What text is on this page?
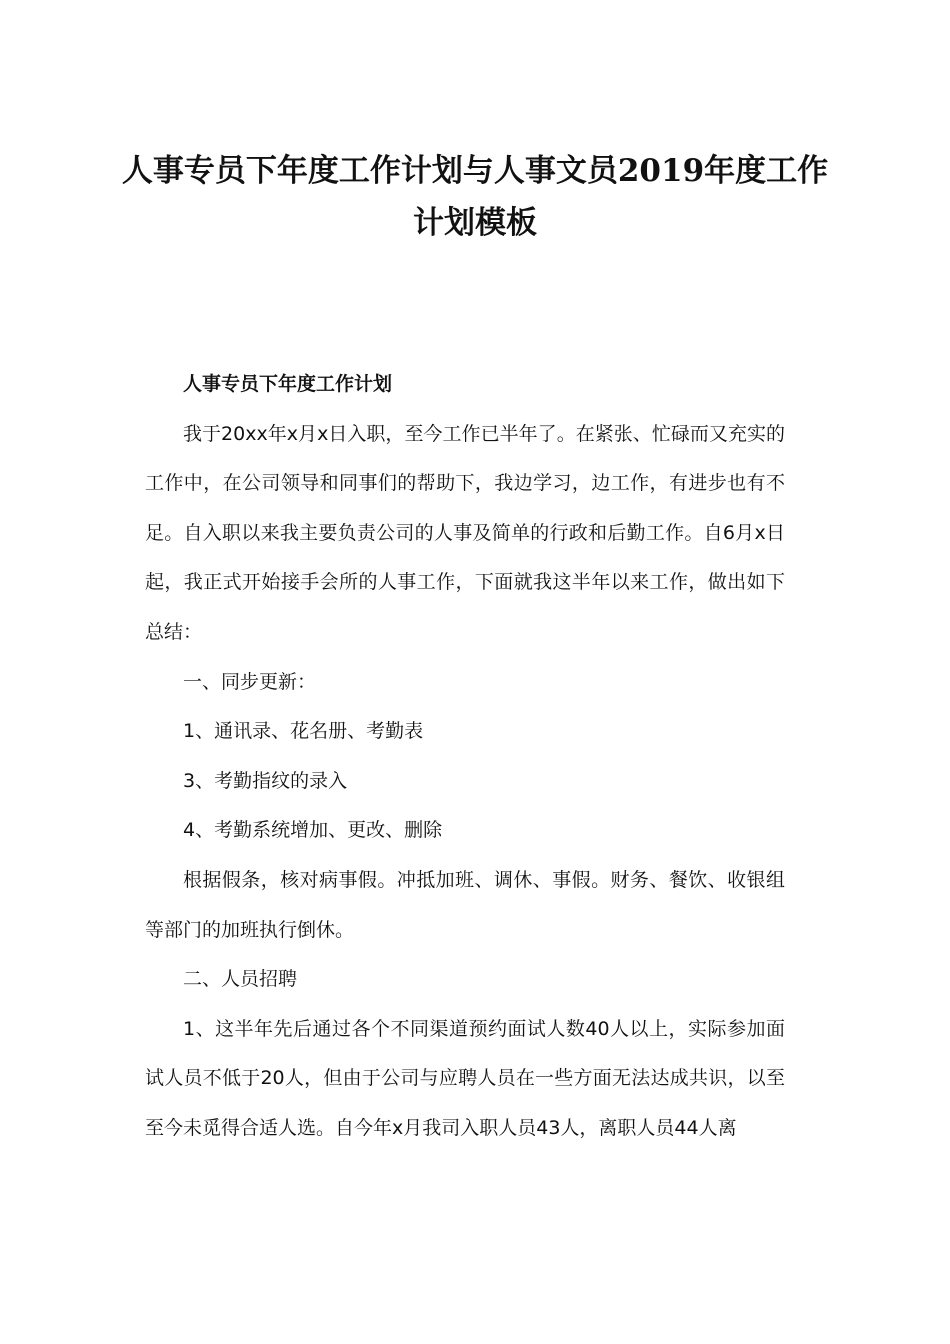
人事专员下年度工作计划与人事文员2019年度工作计划模板

人事专员下年度工作计划

我于20xx年x月x日入职，至今工作已半年了。在紧张、忙碌而又充实的工作中，在公司领导和同事们的帮助下，我边学习，边工作，有进步也有不足。自入职以来我主要负责公司的人事及简单的行政和后勤工作。自6月x日起，我正式开始接手会所的人事工作，下面就我这半年以来工作，做出如下总结：

一、同步更新：

1、通讯录、花名册、考勤表

3、考勤指纹的录入

4、考勤系统增加、更改、删除

根据假条，核对病事假。冲抵加班、调休、事假。财务、餐饮、收银组等部门的加班执行倒休。

二、人员招聘

1、这半年先后通过各个不同渠道预约面试人数40人以上，实际参加面试人员不低于20人，但由于公司与应聘人员在一些方面无法达成共识，以至至今未觅得合适人选。自今年x月我司入职人员43人，离职人员44人离
